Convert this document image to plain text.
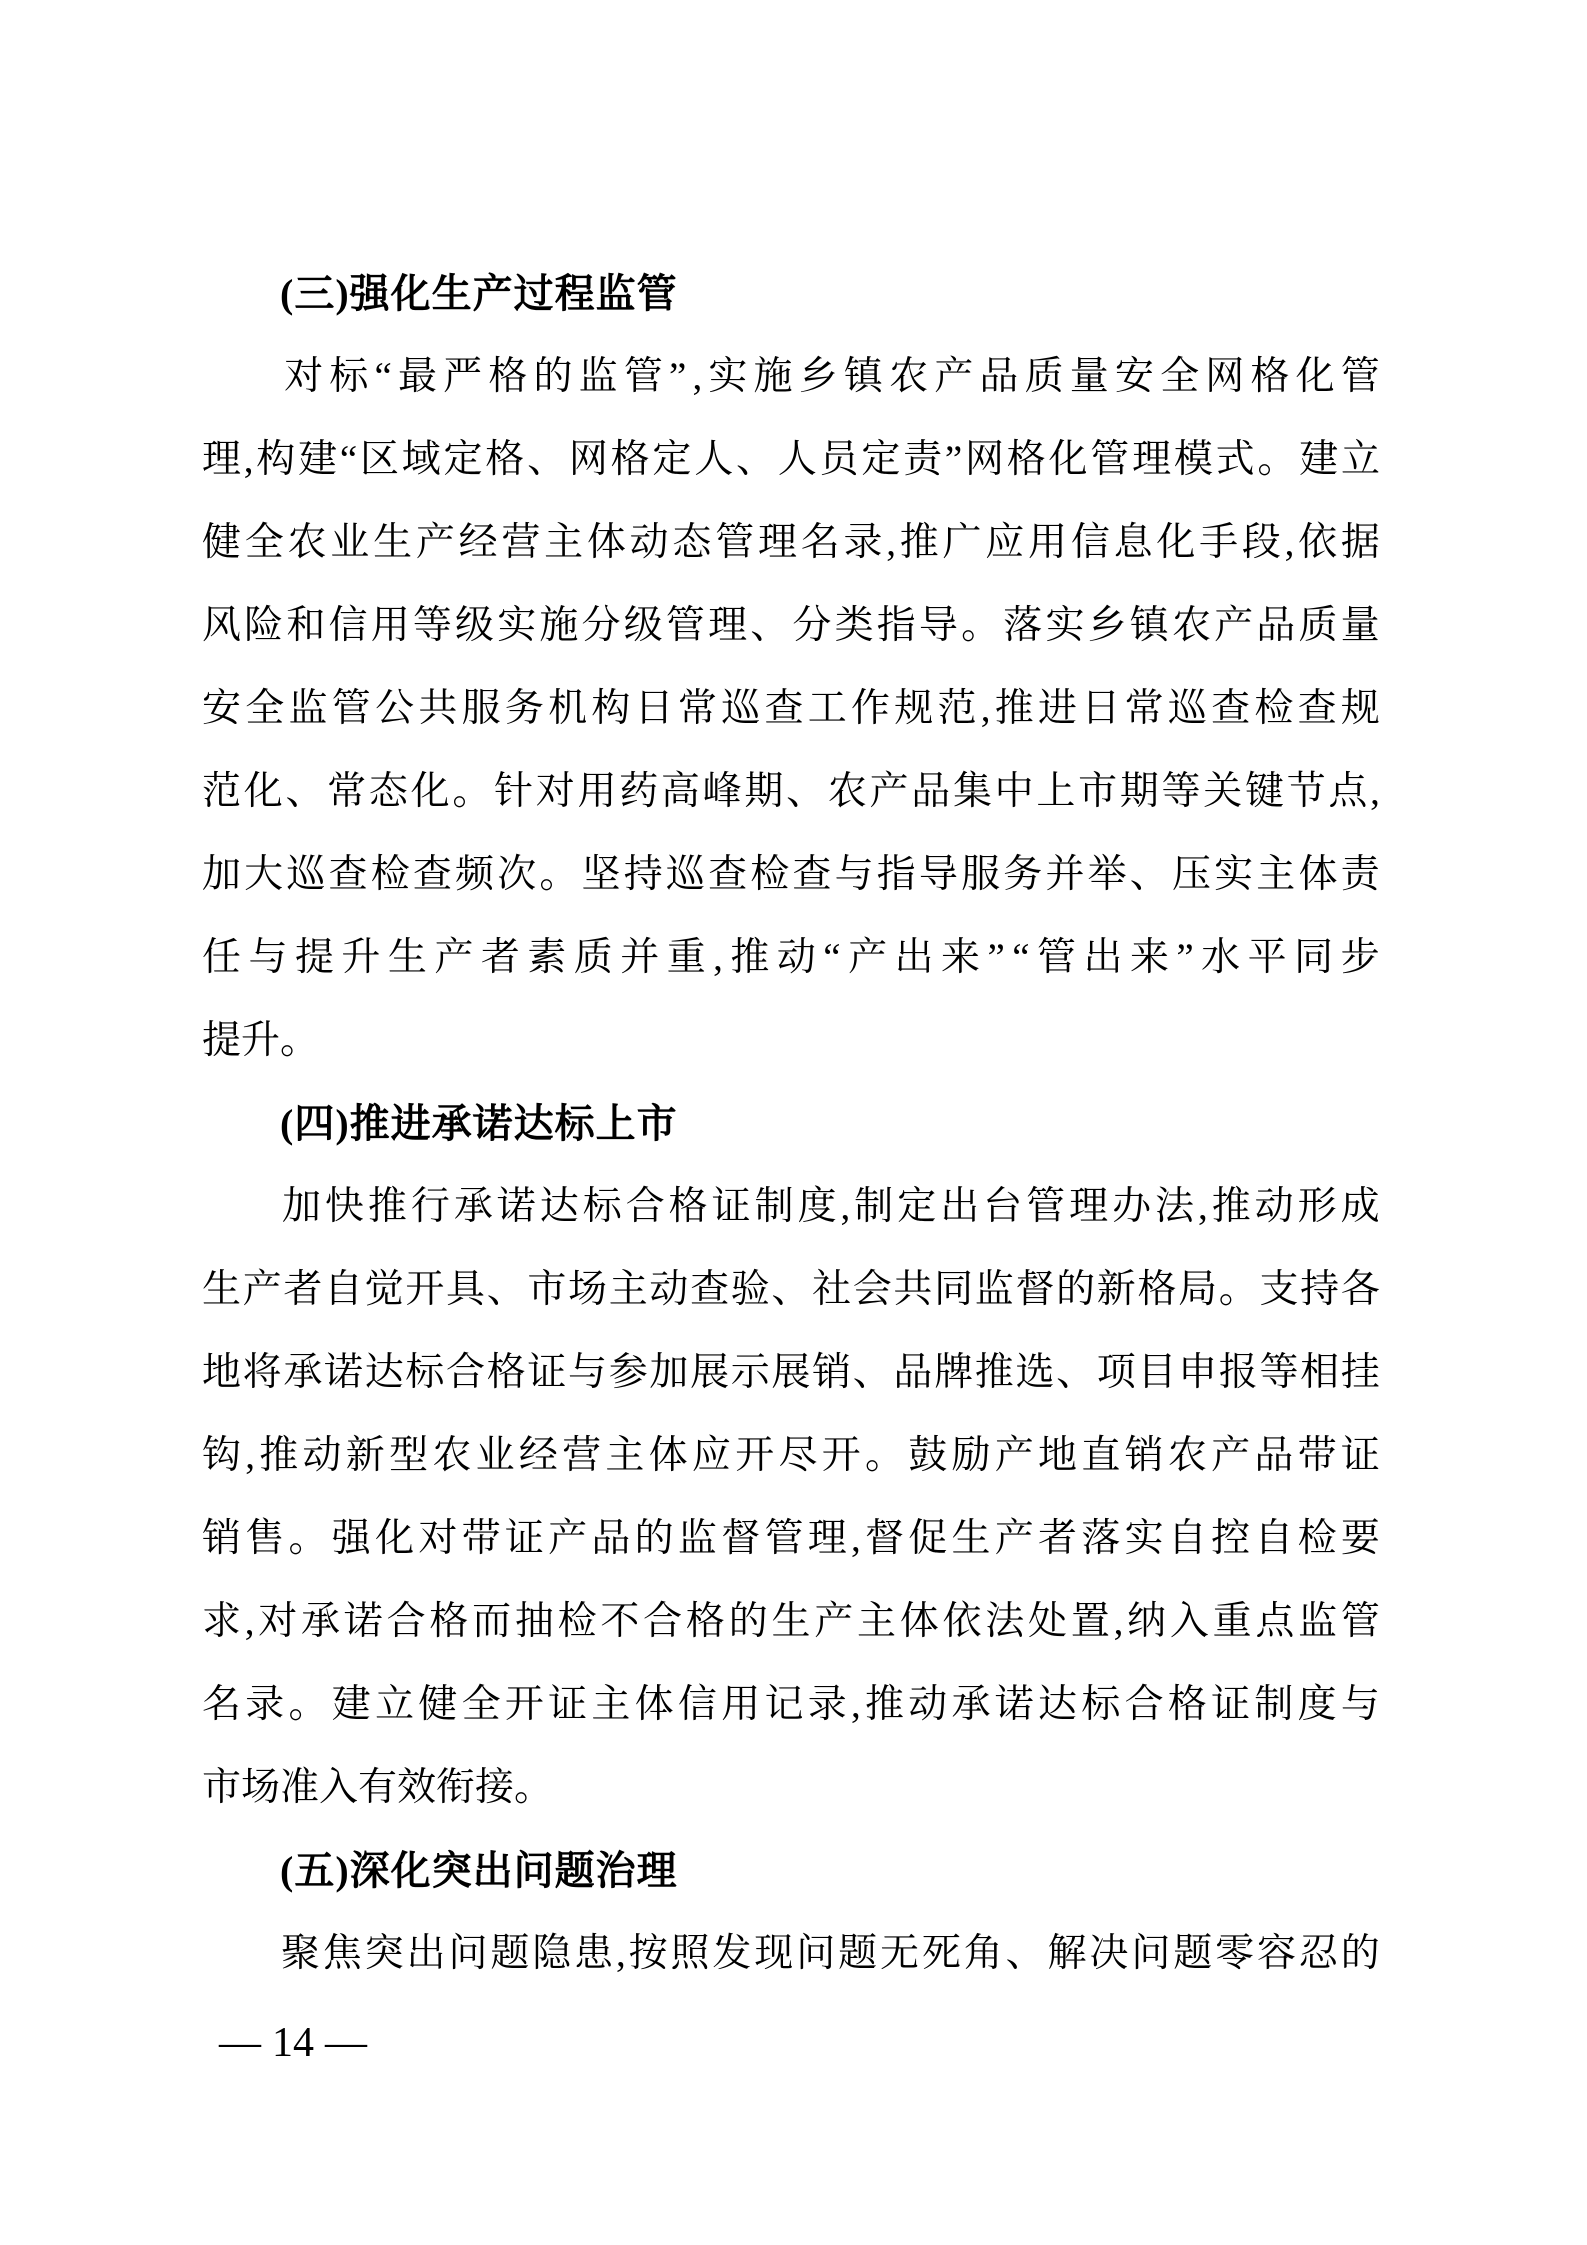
(三)强化生产过程监管
对 标 “ 最 严 格 的 监 管 ” , 实 施 乡 镇 农 产 品 质 量 安 全 网 格 化 管
理 , 构 建 “ 区 域 定 格 、 网 格 定 人 、 人 员 定 责 ” 网 格 化 管 理 模 式 。 建 立
健 全 农 业 生 产 经 营 主 体 动 态 管 理 名 录 , 推 广 应 用 信 息 化 手 段 , 依 据
风 险 和 信 用 等 级 实 施 分 级 管 理 、 分 类 指 导 。 落 实 乡 镇 农 产 品 质 量
安 全 监 管 公 共 服 务 机 构 日 常 巡 查 工 作 规 范 , 推 进 日 常 巡 查 检 查 规
范 化 、 常 态 化 。 针 对 用 药 高 峰 期 、 农 产 品 集 中 上 市 期 等 关 键 节 点 ,
加 大 巡 查 检 查 频 次 。 坚 持 巡 查 检 查 与 指 导 服 务 并 举 、 压 实 主 体 责
任 与 提 升 生 产 者 素 质 并 重 , 推 动 “ 产 出 来 ” “ 管 出 来 ” 水 平 同 步
提升。
(四)推进承诺达标上市
加 快 推 行 承 诺 达 标 合 格 证 制 度 , 制 定 出 台 管 理 办 法 , 推 动 形 成
生 产 者 自 觉 开 具 、 市 场 主 动 查 验 、 社 会 共 同 监 督 的 新 格 局 。 支 持 各
地 将 承 诺 达 标 合 格 证 与 参 加 展 示 展 销 、 品 牌 推 选 、 项 目 申 报 等 相 挂
钩 , 推 动 新 型 农 业 经 营 主 体 应 开 尽 开 。 鼓 励 产 地 直 销 农 产 品 带 证
销 售 。 强 化 对 带 证 产 品 的 监 督 管 理 , 督 促 生 产 者 落 实 自 控 自 检 要
求 , 对 承 诺 合 格 而 抽 检 不 合 格 的 生 产 主 体 依 法 处 置 , 纳 入 重 点 监 管
名 录 。 建 立 健 全 开 证 主 体 信 用 记 录 , 推 动 承 诺 达 标 合 格 证 制 度 与
市场准入有效衔接。
(五)深化突出问题治理
聚 焦 突 出 问 题 隐 患 , 按 照 发 现 问 题 无 死 角 、 解 决 问 题 零 容 忍 的
— 14 —
